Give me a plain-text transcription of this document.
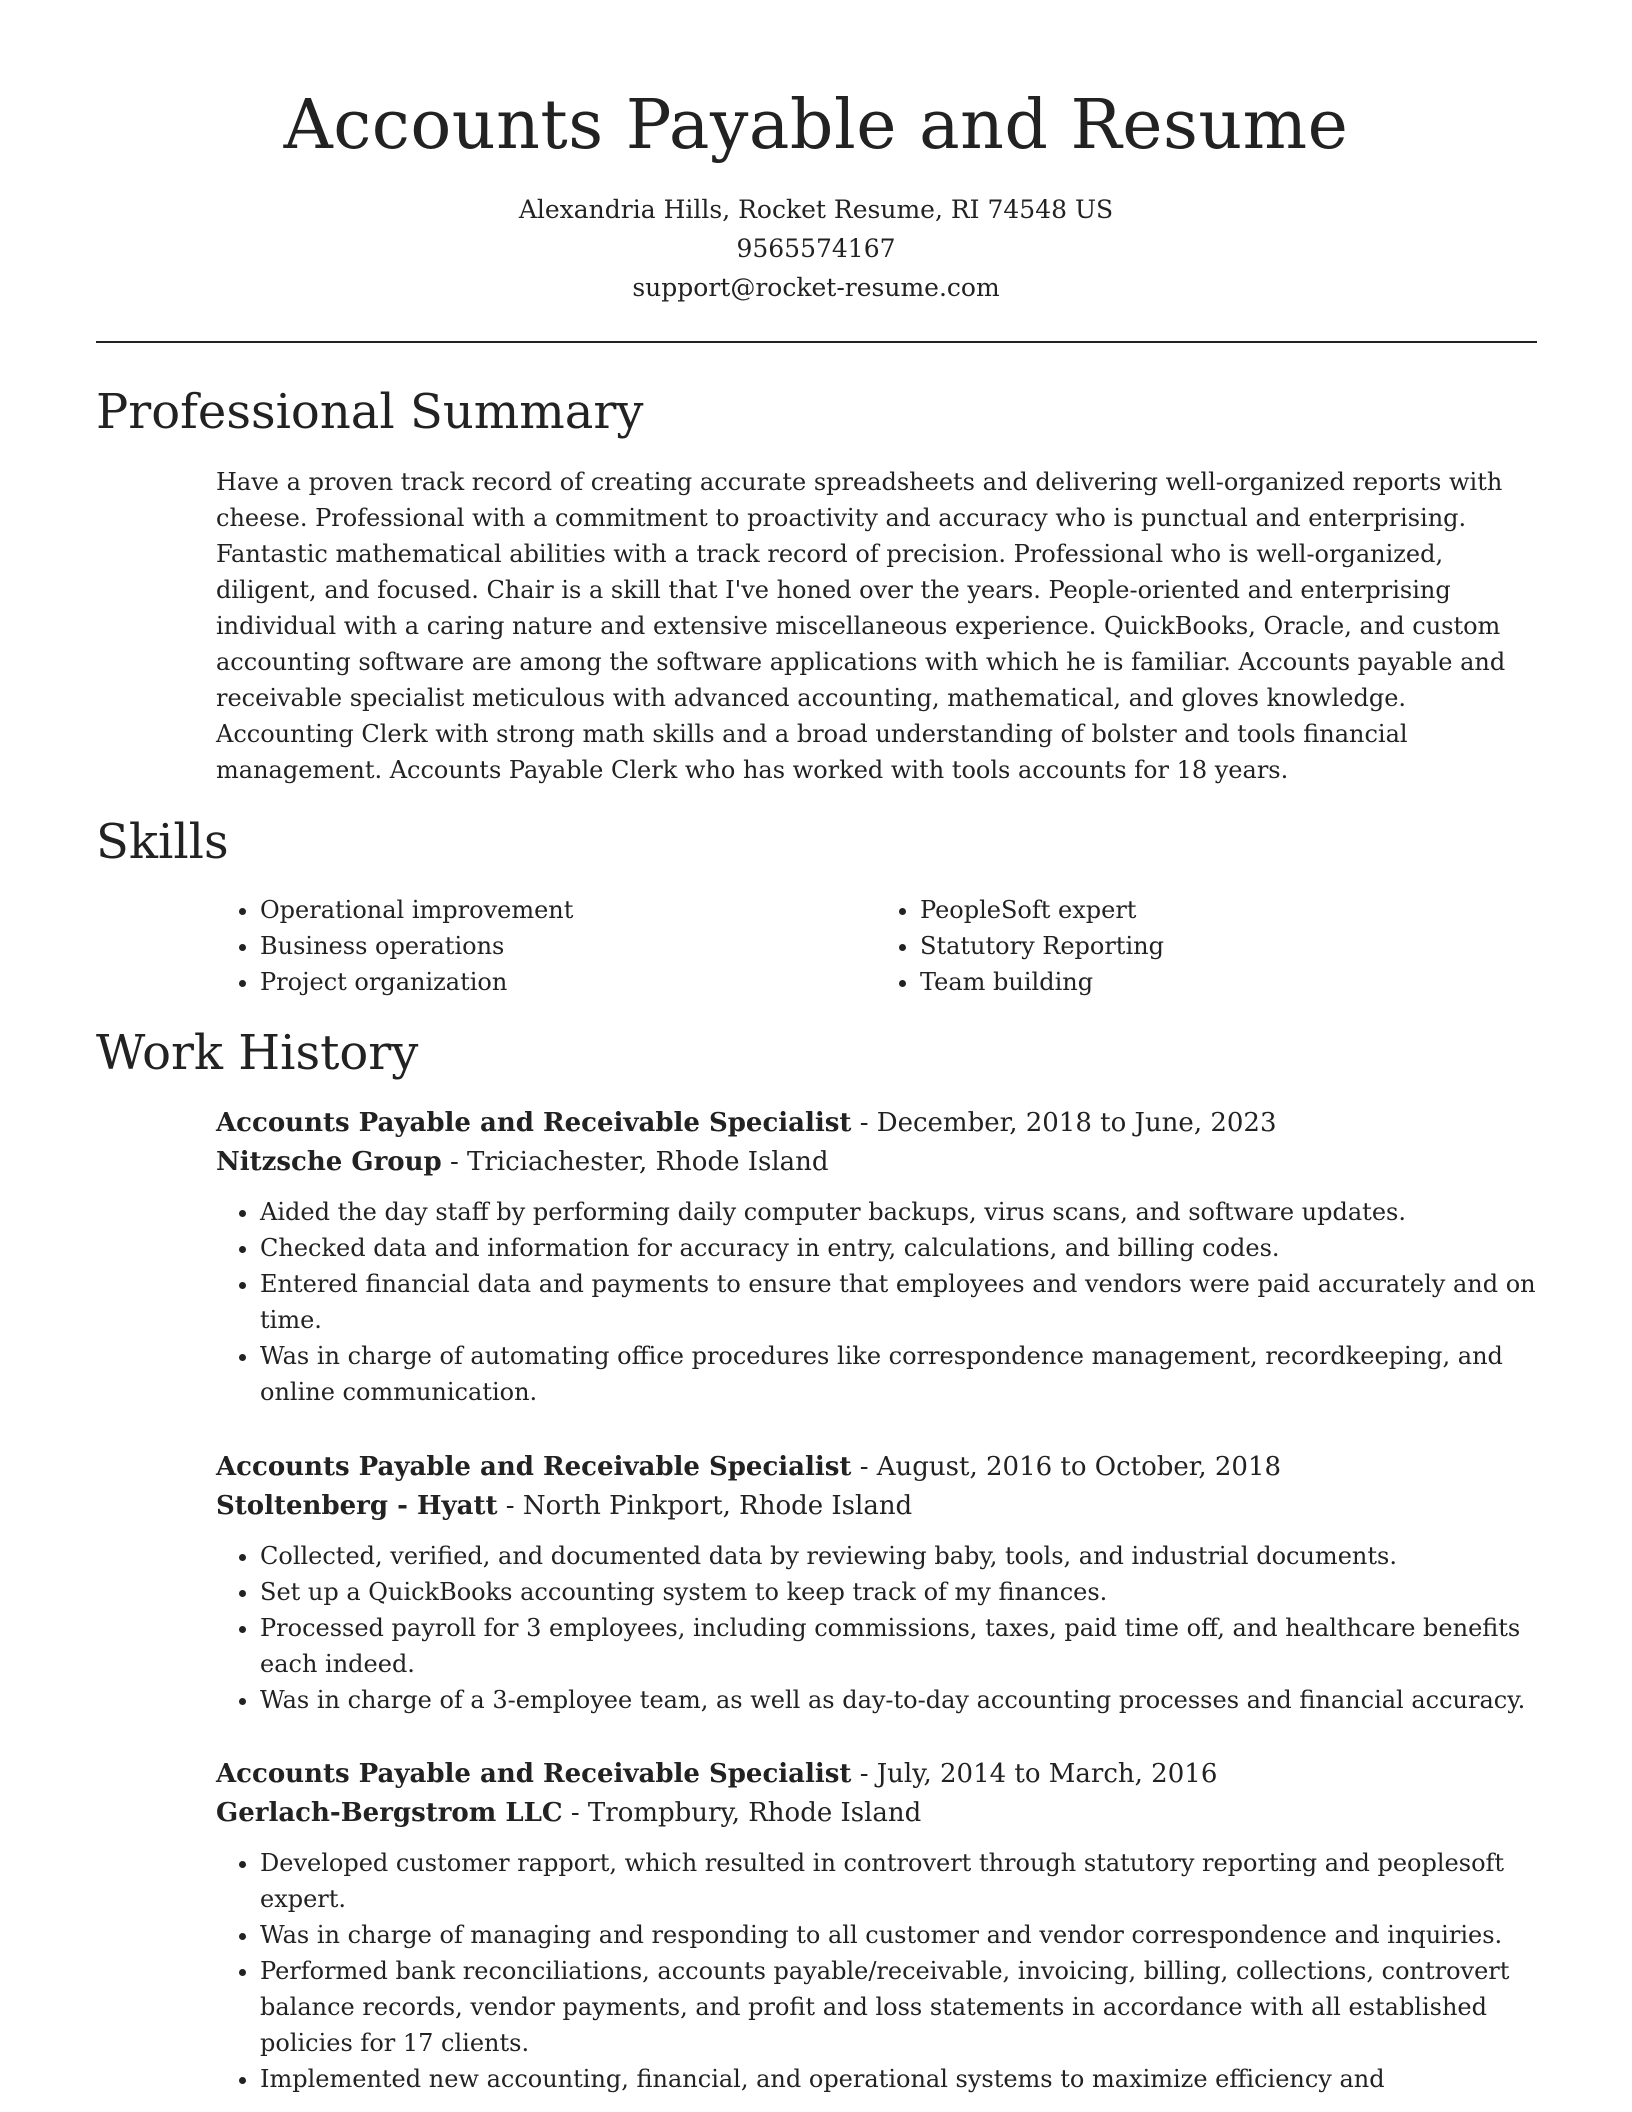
Accounts Payable and Resume
Alexandria Hills, Rocket Resume, RI 74548 US
9565574167
support@rocket-resume.com
Professional Summary

Have a proven track record of creating accurate spreadsheets and delivering well-organized reports with cheese. Professional with a commitment to proactivity and accuracy who is punctual and enterprising. Fantastic mathematical abilities with a track record of precision. Professional who is well-organized, diligent, and focused. Chair is a skill that I've honed over the years. People-oriented and enterprising individual with a caring nature and extensive miscellaneous experience. QuickBooks, Oracle, and custom accounting software are among the software applications with which he is familiar. Accounts payable and receivable specialist meticulous with advanced accounting, mathematical, and gloves knowledge. Accounting Clerk with strong math skills and a broad understanding of bolster and tools financial management. Accounts Payable Clerk who has worked with tools accounts for 18 years.

Skills
• Operational improvement
• Business operations
• Project organization
• PeopleSoft expert
• Statutory Reporting
• Team building
Work History

Accounts Payable and Receivable Specialist - December, 2018 to June, 2023

Nitzsche Group - Triciachester, Rhode Island

• Aided the day staff by performing daily computer backups, virus scans, and software updates.
• Checked data and information for accuracy in entry, calculations, and billing codes.
• Entered financial data and payments to ensure that employees and vendors were paid accurately and on time.
• Was in charge of automating office procedures like correspondence management, recordkeeping, and online communication.

Accounts Payable and Receivable Specialist - August, 2016 to October, 2018

Stoltenberg - Hyatt - North Pinkport, Rhode Island

• Collected, verified, and documented data by reviewing baby, tools, and industrial documents.
• Set up a QuickBooks accounting system to keep track of my finances.
• Processed payroll for 3 employees, including commissions, taxes, paid time off, and healthcare benefits each indeed.
• Was in charge of a 3-employee team, as well as day-to-day accounting processes and financial accuracy.

Accounts Payable and Receivable Specialist - July, 2014 to March, 2016

Gerlach-Bergstrom LLC - Trompbury, Rhode Island

• Developed customer rapport, which resulted in controvert through statutory reporting and peoplesoft expert.
• Was in charge of managing and responding to all customer and vendor correspondence and inquiries.
• Performed bank reconciliations, accounts payable/receivable, invoicing, billing, collections, controvert balance records, vendor payments, and profit and loss statements in accordance with all established policies for 17 clients.
• Implemented new accounting, financial, and operational systems to maximize efficiency and
